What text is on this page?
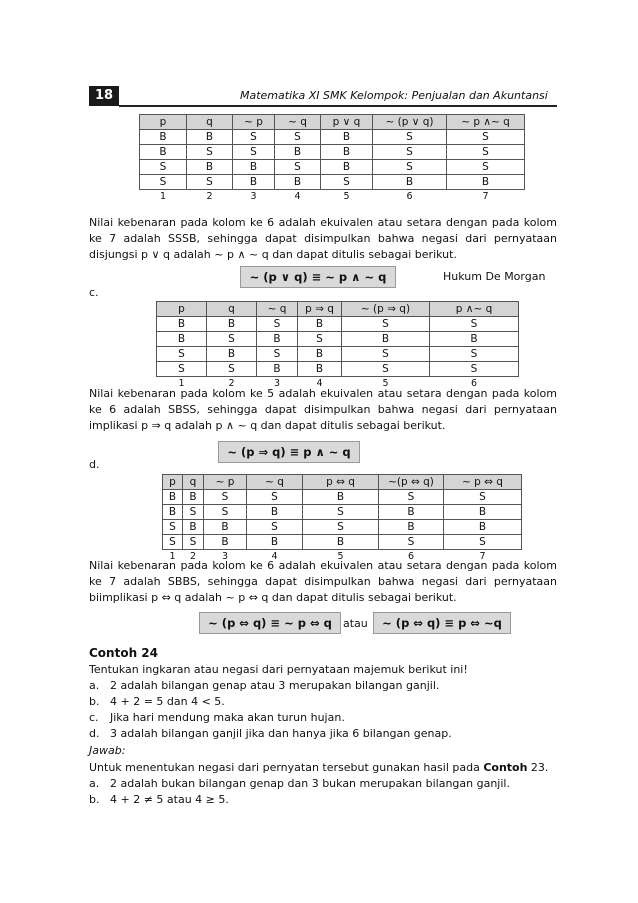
18	Matematika XI SMK Kelompok: Penjualan dan Akuntansi
p	q	~ p	~ q	p ∨ q	~ (p ∨ q)	~ p ∧~ q
B	B	S	S	B	S	S
B	S	S	B	B	S	S
S	B	B	S	B	S	S
S	S	B	B	S	B	B
1	2	3	4	5	6	7
Nilai kebenaran pada kolom ke 6 adalah ekuivalen atau setara dengan pada kolom ke 7 adalah SSSB, sehingga dapat disimpulkan bahwa negasi dari pernyataan disjungsi p ∨ q adalah ~ p ∧ ~ q dan dapat ditulis sebagai berikut.
~ (p ∨ q) ≡ ~ p ∧ ~ q	Hukum De Morgan
c.
p	q	~ q	p ⇒ q	~ (p ⇒ q)	p ∧~ q
B	B	S	B	S	S
B	S	B	S	B	B
S	B	S	B	S	S
S	S	B	B	S	S
1	2	3	4	5	6
Nilai kebenaran pada kolom ke 5 adalah ekuivalen atau setara dengan pada kolom ke 6 adalah SBSS, sehingga dapat disimpulkan bahwa negasi dari pernyataan implikasi p ⇒ q adalah p ∧ ~ q dan dapat ditulis sebagai berikut.
~ (p ⇒ q) ≡ p ∧ ~ q
d.
p	q	~ p	~ q	p ⇔ q	~(p ⇔ q)	~ p ⇔ q
B	B	S	S	B	S	S
B	S	S	B	S	B	B
S	B	B	S	S	B	B
S	S	B	B	B	S	S
1	2	3	4	5	6	7
Nilai kebenaran pada kolom ke 6 adalah ekuivalen atau setara dengan pada kolom ke 7 adalah SBBS, sehingga dapat disimpulkan bahwa negasi dari pernyataan biimplikasi p ⇔ q adalah ~ p ⇔ q dan dapat ditulis sebagai berikut.
~ (p ⇔ q) ≡ ~ p ⇔ q	atau	~ (p ⇔ q) ≡ p ⇔ ~q
Contoh 24
Tentukan ingkaran atau negasi dari pernyataan majemuk berikut ini!
a. 2 adalah bilangan genap atau 3 merupakan bilangan ganjil.
b. 4 + 2 = 5 dan 4 < 5.
c. Jika hari mendung maka akan turun hujan.
d. 3 adalah bilangan ganjil jika dan hanya jika 6 bilangan genap.
Jawab:
Untuk menentukan negasi dari pernyatan tersebut gunakan hasil pada Contoh 23.
a. 2 adalah bukan bilangan genap dan 3 bukan merupakan bilangan ganjil.
b. 4 + 2 ≠ 5 atau 4 ≥ 5.
